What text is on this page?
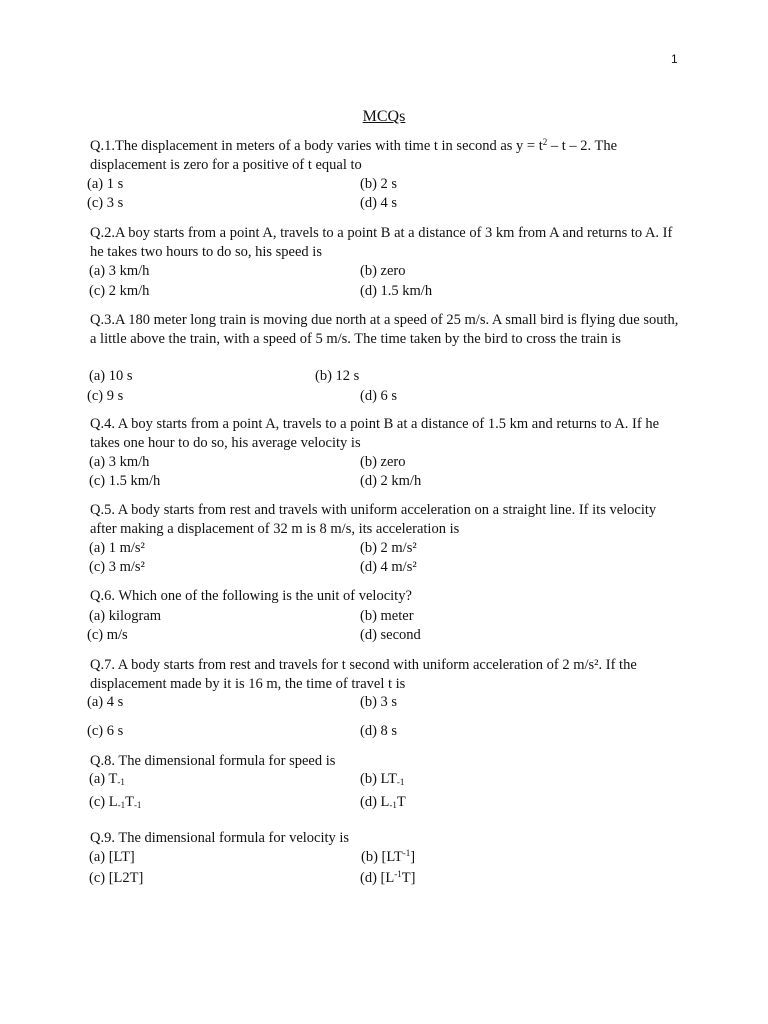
1
MCQs
Q.1.The displacement in meters of a body varies with time t in second as $y = t^2 - t - 2$. The displacement is zero for a positive of t equal to
(a) 1 s	(b) 2 s
(c) 3 s	(d) 4 s
Q.2.A boy starts from a point A, travels to a point B at a distance of 3 km from A and returns to A. If he takes two hours to do so, his speed is
(a) 3 km/h	(b) zero
(c) 2 km/h	(d) 1.5 km/h
Q.3.A 180 meter long train is moving due north at a speed of 25 m/s. A small bird is flying due south, a little above the train, with a speed of 5 m/s. The time taken by the bird to cross the train is
(a) 10 s	(b) 12 s
(c) 9 s	(d) 6 s
Q.4. A boy starts from a point A, travels to a point B at a distance of 1.5 km and returns to A. If he takes one hour to do so, his average velocity is
(a) 3 km/h	(b) zero
(c) 1.5 km/h	(d) 2 km/h
Q.5. A body starts from rest and travels with uniform acceleration on a straight line. If its velocity after making a displacement of 32 m is 8 m/s, its acceleration is
(a) 1 m/s²	(b) 2 m/s²
(c) 3 m/s²	(d) 4 m/s²
Q.6. Which one of the following is the unit of velocity?
(a) kilogram	(b) meter
(c) m/s	(d) second
Q.7. A body starts from rest and travels for t second with uniform acceleration of 2 m/s². If the displacement made by it is 16 m, the time of travel t is
(a) 4 s	(b) 3 s
(c) 6 s	(d) 8 s
Q.8. The dimensional formula for speed is
(a) $T_{-1}$	(b) $LT_{-1}$
(c) $L_{-1}T_{-1}$	(d) $L_{-1}T$
Q.9. The dimensional formula for velocity is
(a) [LT]	(b) $[LT^{-1}]$
(c) [L2T]	(d) $[L^{-1}T]$
